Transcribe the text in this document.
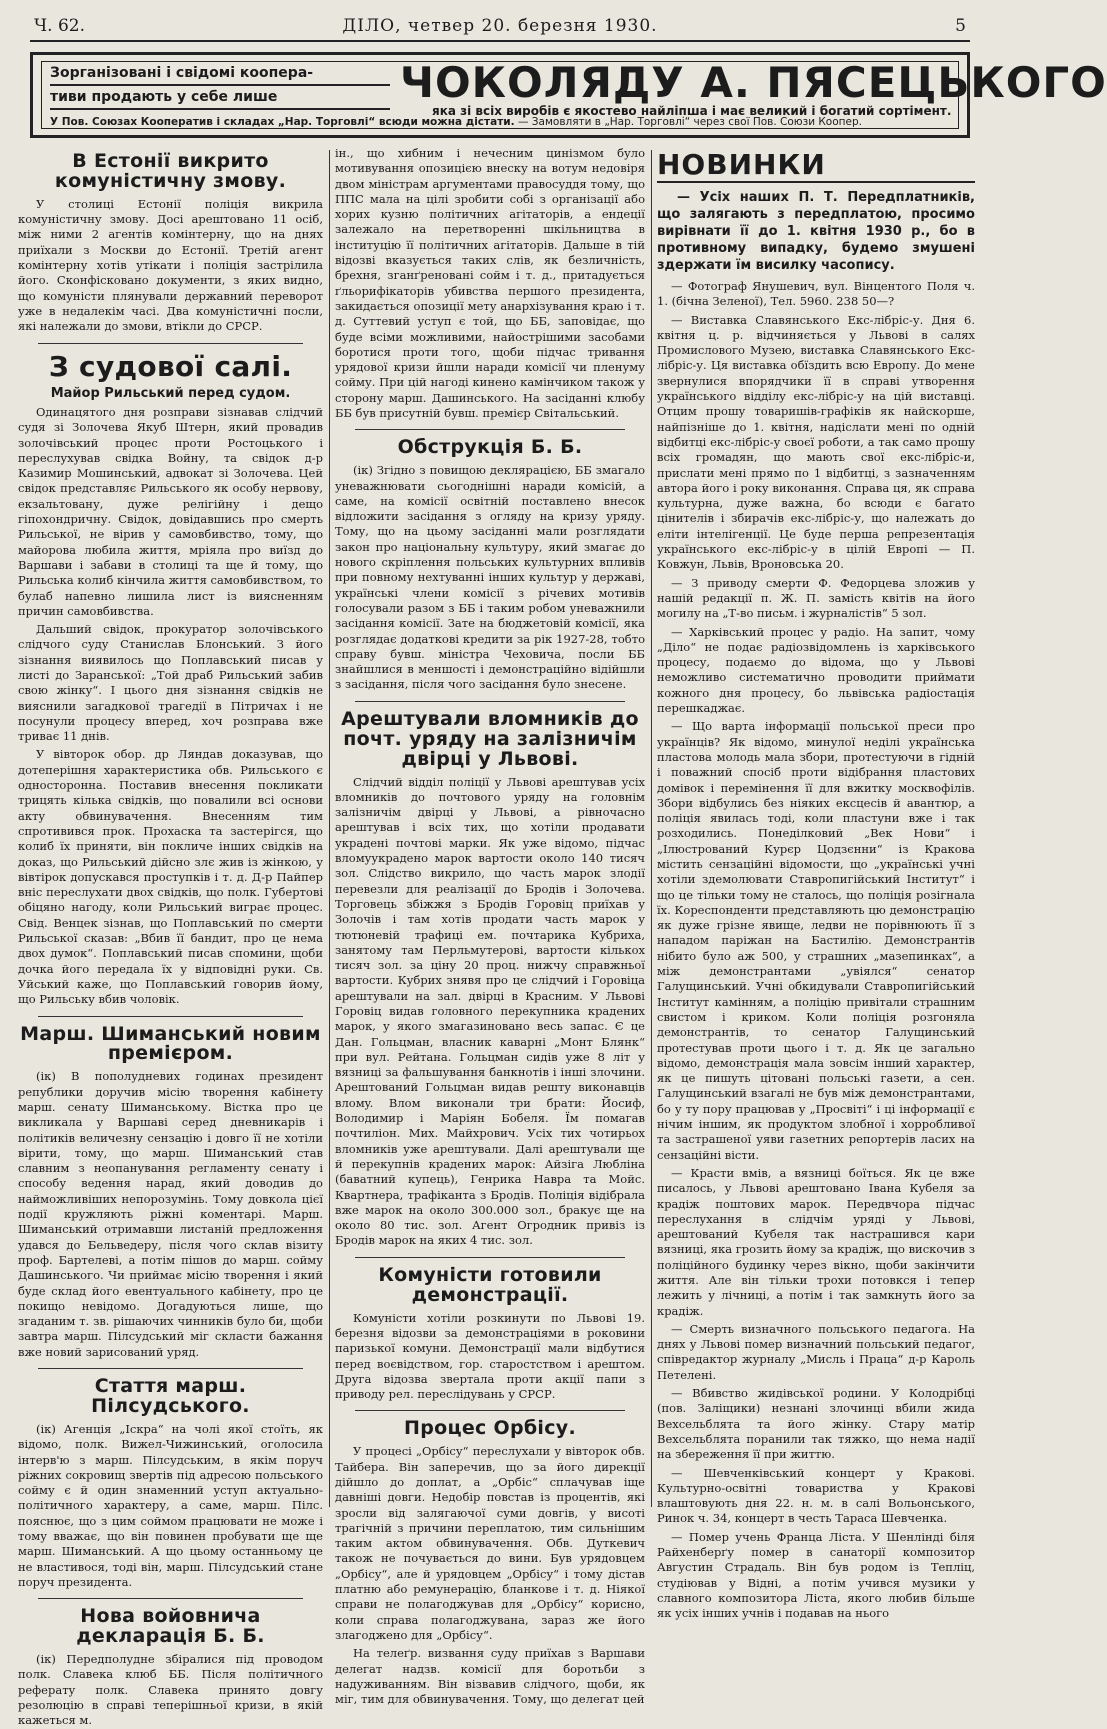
Ч. 62.	ДІЛО, четвер 20. березня 1930.	5
Зорганізовані і свідомі коопера-
тиви продають у себе лише	ЧОКОЛЯДУ А. ПЯСЕЦЬКОГО
яка зі всіх виробів є якостево найліпша і має великий і богатий сортімент.
У Пов. Союзах Кооператив і складах „Нар. Торговлі“ всюди можна дістати. — Замовляти в „Нар. Торговлі“ через свої Пов. Союзи Коопер.
В Естонії викрито комуністичну змову.

У столиці Естонії поліція викрила комуністичну змову. Досі арештовано 11 осіб, між ними 2 агентів комінтерну, що на днях приїхали з Москви до Естонії. Третій агент комінтерну хотів утікати і поліція застрілила його. Сконфісковано документи, з яких видно, що комуністи плянували державний переворот уже в недалекім часі. Два комуністичні посли, які належали до змови, втікли до СРСР.

З судової салі.
Майор Рильський перед судом.

Одинацятого дня розправи зізнавав слідчий судя зі Золочева Якуб Штерн, який провадив золочівський процес проти Ростоцького і переслухував свідка Войну, та свідок д-р Казимир Мошинський, адвокат зі Золочева. Цей свідок представляє Рильського як особу нервову, екзальтовану, дуже релігійну і дещо гіпохондричну. Свідок, довідавшись про смерть Рильської, не вірив у самовбивство, тому, що майорова любила життя, мріяла про виїзд до Варшави і забави в столиці та ще й тому, що Рильська колиб кінчила життя самовбивством, то булаб напевно лишила лист із виясненням причин самовбивства.

Дальший свідок, прокуратор золочівського слідчого суду Станислав Блонський. З його зізнання виявилось що Поплавський писав у листі до Заранської: „Той драб Рильський забив свою жінку“. І цього дня зізнання свідків не вияснили загадкової трагедії в Пітричах і не посунули процесу вперед, хоч розправа вже триває 11 днів.

У вівторок обор. др Ляндав доказував, що дотеперішня характеристика обв. Рильського є односторонна. Поставив внесення покликати трицять кілька свідків, що повалили всі основи акту обвинувачення. Внесенням тим спротивився прок. Прохаска та застерігся, що колиб їх приняти, він покличе інших свідків на доказ, що Рильський дійсно злє жив із жінкою, у вівтірок допускався проступків і т. д. Д-р Пайпер вніс переслухати двох свідків, що полк. Губертові обіцяно нагоду, коли Рильський виграє процес. Свід. Венцек зізнав, що Поплавський по смерти Рильської сказав: „Вбив її бандит, про це нема двох думок“. Поплавський писав спомини, щоби дочка його передала їх у відповідні руки. Св. Уйський каже, що Поплавський говорив йому, що Рильську вбив чоловік.

Марш. Шиманський новим премієром.

(ік) В пополудневих годинах президент републики доручив місію творення кабінету марш. сенату Шиманському. Вістка про це викликала у Варшаві серед дневникарів і політиків величезну сензацію і довго її не хотіли вірити, тому, що марш. Шиманський став славним з неопанування регламенту сенату і способу ведення нарад, який доводив до найможливіших непорозумінь. Тому довкола цієї події кружляють ріжні коментарі. Марш. Шиманський отримавши листаній предложення удався до Бельведеру, після чого склав візиту проф. Бартелеві, а потім пішов до марш. сойму Дашинського. Чи приймає місію творення і який буде склад його евентуального кабінету, про це покищо невідомо. Догадуються лише, що згаданим т. зв. рішаючих чинників було би, щоби завтра марш. Пілсудський міг скласти бажання вже новий зарисований уряд.

Стаття марш. Пілсудського.

(ік) Агенція „Іскра“ на чолі якої стоїть, як відомо, полк. Вижел-Чижинський, оголосила інтерв'ю з марш. Пілсудським, в якім поруч ріжних сокровищ звертів під адресою польського сойму є й один знаменний уступ актуально-політичного характеру, а саме, марш. Пілс. пояснює, що з цим соймом працювати не може і тому вважає, що він повинен пробувати ще ще марш. Шиманський. А що цьому останньому це не властивося, тоді він, марш. Пілсудський стане поруч президента.

Нова войовнича декларація Б. Б.

(ік) Передполудне збіралися під проводом полк. Славека клюб ББ. Після політичного реферату полк. Славека принято довгу резолюцію в справі теперішньої кризи, в якій кажеться м.

ін., що хибним і нечесним цинізмом було мотивування опозицією внеску на вотум недовіря двом міністрам аргументами правосуддя тому, що ППС мала на цілі зробити собі з організації або хорих кузню політичних агітаторів, а ендеції залежало на перетворенні шкільництва в інституцію її політичних агітаторів. Дальше в тій відозві вказується таких слів, як безличність, брехня, зганґреновані сойм і т. д., притадується ґльорифікаторів убивства першого президента, закидається опозиції мету анархізування краю і т. д. Суттевий уступ є той, що ББ, заповідає, що буде всіми можливими, найострішими засобами боротися проти того, щоби підчас тривання урядової кризи йшли наради комісії чи пленуму сойму. При цій нагоді кинено камінчиком також у сторону марш. Дашинського. На засіданні клюбу ББ був присутній бувш. премієр Світальський.

Обструкція Б. Б.

(ік) Згідно з повищою деклярацією, ББ змагало уневажнювати сьогоднішні наради комісій, а саме, на комісії освітній поставлено внесок відложити засідання з огляду на кризу уряду. Тому, що на цьому засіданні мали розглядати закон про національну культуру, який змагає до нового скріплення польських культурних впливів при повному нехтуванні інших культур у державі, українські члени комісії з річевих мотивів голосували разом з ББ і таким робом уневажнили засідання комісії. Зате на бюджетовій комісії, яка розглядає додаткові кредити за рік 1927-28, тобто справу бувш. міністра Чеховича, посли ББ знайшлися в меншості і демонстраційно відійшли з засідання, після чого засідання було знесене.

Арештували вломників до почт. уряду на залізничім двірці у Львові.

Слідчий відділ поліції у Львові арештував усіх вломників до почтового уряду на головнім залізничім двірці у Львові, а рівночасно арештував і всіх тих, що хотіли продавати украдені почтові марки. Як уже відомо, підчас вломуукрадено марок вартости около 140 тисяч зол. Слідство викрило, що часть марок злодії перевезли для реалізації до Бродів і Золочева. Торговець збіжжя з Бродів Горовіц приїхав у Золочів і там хотів продати часть марок у тютюневій трафиці ем. почтарика Кубриха, занятому там Перльмутерові, вартости кількох тисяч зол. за ціну 20 проц. нижчу справжньої вартости. Кубрих знявя про це слідчий і Горовіца арештували на зал. двірці в Красним. У Львові Горовіц видав головного перекупника крадених марок, у якого змагазиновано весь запас. Є це Дан. Гольцман, власник каварні „Монт Блянк“ при вул. Рейтана. Гольцман сидів уже 8 літ у вязниці за фальшування банкнотів і інші злочини. Арештований Гольцман видав решту виконавців вломy. Влом виконали три брати: Йосиф, Володимир і Маріян Бобеля. Їм помагав почтиліон. Мих. Майхрович. Усіх тих чотирьох вломників уже арештували. Далі арештували ще й перекупнів крадених марок: Айзіга Любліна (баватний купець), Генрика Навра та Мойс. Квартнера, трафіканта з Бродів. Поліція відібрала вже марок на около 300.000 зол., бракує ще на около 80 тис. зол. Агент Огродник привіз із Бродів марок на яких 4 тис. зол.

Комуністи готовили демонстрації.

Комуністи хотіли розкинути по Львові 19. березня відозви за демонстраціями в роковини паризької комуни. Демонстрації мали відбутися перед воєвідством, гор. старостством і арештом. Друга відозва звертала проти акції папи з приводу рел. переслідувань у СРСР.

Процес Орбісу.

У процесі „Орбісу“ переслухали у вівторок обв. Тайбера. Він заперечив, що за його дирекції дійшло до доплат, а „Орбіс“ сплачував іще давніші довги. Недобір повстав із процентів, які зросли від залягаючої суми довгів, у висоті трагічній з причини переплатою, тим сильнішим таким актом обвинувачення. Обв. Дуткевич також не почувається до вини. Був урядовцем „Орбісу“, але й урядовцем „Орбісу“ і тому дістав платню або ремунерацію, бланкове і т. д. Ніякої справи не полагоджував для „Орбісу“ корисно, коли справа полагоджувана, зараз же його злагоджено для „Орбісу“.

На телеґр. визвання суду приїхав з Варшави делегат надзв. комісії для боротьби з надуживанням. Він візвавив слідчого, щоби, як міг, тим для обвинувачення. Тому, що делегат цей

НОВИНКИ
— Усіх наших П. Т. Передплатників, що залягають з передплатою, просимо вирівнати її до 1. квітня 1930 р., бо в противному випадку, будемо змушені здержати їм висилку часопису.

— Фотограф Янушевич, вул. Вінцентого Поля ч. 1. (бічна Зеленої), Тел. 5960. 238 50—?

— Виставка Славянського Екс-лібріс-у. Дня 6. квітня ц. р. відчиняється у Львові в салях Промислового Музею, виставка Славянського Екс-лібріс-у. Ця виставка обїздить всю Европу. До мене звернулися впорядчики її в справі утворення українського відділу екс-лібріс-у на цій виставці. Отцим прошу товаришів-графіків як найскорше, найпізніше до 1. квітня, надіслати мені по одній відбитці екс-лібріс-у своєї роботи, а так само прошу всіх громадян, що мають свої екс-лібріс-и, прислати мені прямо по 1 відбитці, з зазначенням автора його і року виконання. Справа ця, як справа культурна, дуже важна, бо всюди є багато цінителів і збирачів екс-лібріс-у, що належать до еліти інтелігенції. Це буде перша репрезентація українського екс-лібріс-у в цілій Европі — П. Ковжун, Львів, Вроновська 20.

— З приводу смерти Ф. Федорцева зложив у нашій редакції п. Ж. П. замість квітів на його могилу на „Т-во письм. і журналістів“ 5 зол.

— Харківський процес у радіо. На запит, чому „Діло“ не подає радіозвідомлень із харківського процесу, подаємо до відома, що у Львові неможливо систематично проводити приймати кожного дня процесу, бо львівська радіостація перешкаджає.

— Що варта інформації польської преси про українців? Як відомо, минулої неділі українська пластова молодь мала збори, протестуючи в гідній і поважний спосіб проти відібрання пластових домівок і перемінення її для вжитку москвофілів. Збори відбулись без ніяких ексцесів й авантюр, а поліція явилась тоді, коли пластуни вже і так розходились. Понеділковий „Век Нови“ і „Ілюстрований Курєр Цодзєнни“ із Кракова містить сензаційні відомости, що „українські учні хотіли здемолювати Ставропигійський Інститут“ і що це тільки тому не сталось, що поліція розігнала їх. Кореспонденти представляють цю демонстрацію як дуже грізне явище, ледви не порівнюють її з нападом паріжан на Бастилію. Демонстрантів нібито було аж 500, у страшних „мазепинках“, а між демонстрантами „увіялся“ сенатор Галущинський. Учні обкидували Ставропигійський Інститут камінням, а поліцію привітали страшним свистом і криком. Коли поліція розгоняла демонстрантів, то сенатор Галущинський протестував проти цього і т. д. Як це загально відомо, демонстрація мала зовсім інший характер, як це пишуть цітовані польські газети, а сен. Галущинський взагалі не був між демонстрантами, бо у ту пору працював у „Просвіті“ і ці інформації є нічим іншим, як продуктом злобної і хорробливої та застрашеної уяви газетних репортерів ласих на сензаційні вісти.

— Красти вмів, а вязниці боїться. Як це вже писалось, у Львові арештовано Івана Кубеля за крадіж поштових марок. Передвчора підчас переслухання в слідчім уряді у Львові, арештований Кубеля так настрашився кари вязниці, яка грозить йому за крадіж, що вискочив з поліційного будинку через вікно, щоби закінчити життя. Але він тільки трохи потовкся і тепер лежить у лічниці, а потім і так замкнуть його за крадіж.

— Смерть визначного польського педагога. На днях у Львові помер визначний польський педагог, співредактор журналу „Мисль і Праца“ д-р Кароль Петелені.

— Вбивство жидівської родини. У Колодрібці (пов. Заліщики) незнані злочинці вбили жида Вехсельблята та його жінку. Стару матір Вехсельблята поранили так тяжко, що нема надії на збереження її при життю.

— Шевченківський концерт у Кракові. Культурно-освітні товариства у Кракові влаштовують дня 22. н. м. в салі Вольонського, Ринок ч. 34, концерт в честь Тараса Шевченка.

— Помер учень Франца Ліста. У Шенлінді біля Райхенберґу помер в санаторії композитор Августин Страдаль. Він був родом із Тепліц, студіював у Відні, а потім учився музики у славного композитора Ліста, якого любив більше як усіх інших учнів і подавав на нього
